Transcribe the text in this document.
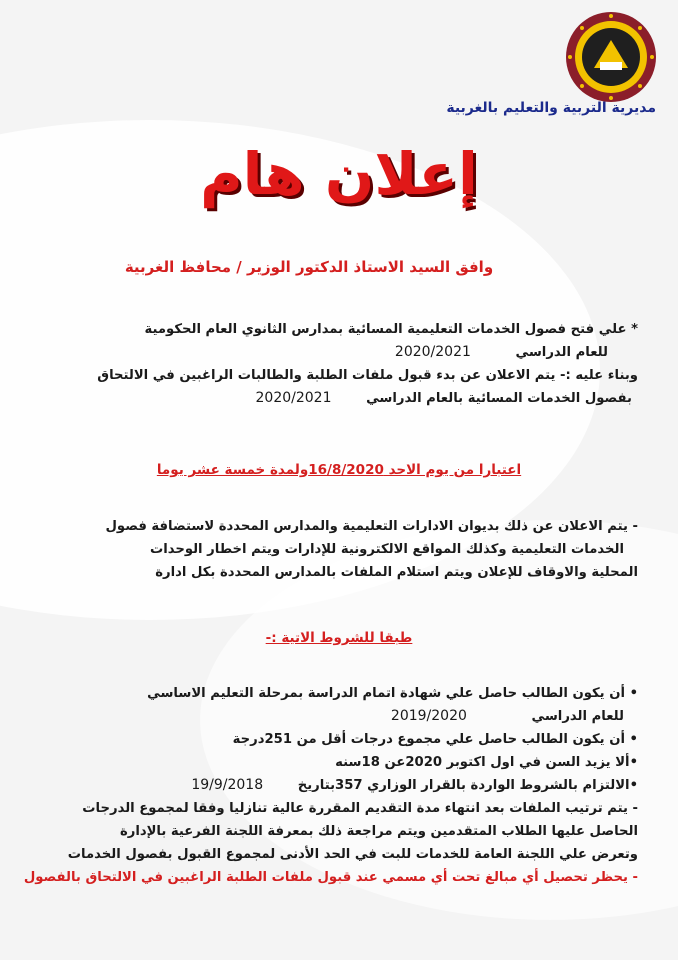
مديرية التربية والتعليم بالغربية
إعلان هام
وافق السيد الاستاذ الدكتور الوزير / محافظ الغربية
* علي فتح فصول الخدمات التعليمية المسائية بمدارس الثانوي العام الحكومية
للعام الدراسي 2020/2021
وبناء عليه :- يتم الاعلان عن بدء قبول ملفات الطلبة والطالبات الراغبين في الالتحاق
بفصول الخدمات المسائية بالعام الدراسي 2020/2021
اعتبارا من يوم الاحد 16/8/2020ولمدة خمسة عشر يوما
- يتم الاعلان عن ذلك بديوان الادارات التعليمية والمدارس المحددة لاستضافة فصول
الخدمات التعليمية وكذلك المواقع الالكترونية للإدارات ويتم اخطار الوحدات
المحلية والاوقاف للإعلان ويتم استلام الملفات بالمدارس المحددة بكل ادارة
طبقا للشروط الاتية :-
• أن يكون الطالب حاصل علي شهادة اتمام الدراسة بمرحلة التعليم الاساسي
للعام الدراسي 2019/2020
• أن يكون الطالب حاصل علي مجموع درجات أقل من 251درجة
•ألا يزيد السن في اول اكتوبر 2020عن 18سنه
•الالتزام بالشروط الواردة بالقرار الوزاري 357بتاريخ 19/9/2018
- يتم ترتيب الملفات بعد انتهاء مدة التقديم المقررة عالية تنازليا وفقا لمجموع الدرجات
الحاصل عليها الطلاب المتقدمين ويتم مراجعة ذلك بمعرفة اللجنة الفرعية بالإدارة
وتعرض علي اللجنة العامة للخدمات للبت في الحد الأدنى لمجموع القبول بفصول الخدمات
- يحظر تحصيل أي مبالغ تحت أي مسمي عند قبول ملفات الطلبة الراغبين في الالتحاق بالفصول
